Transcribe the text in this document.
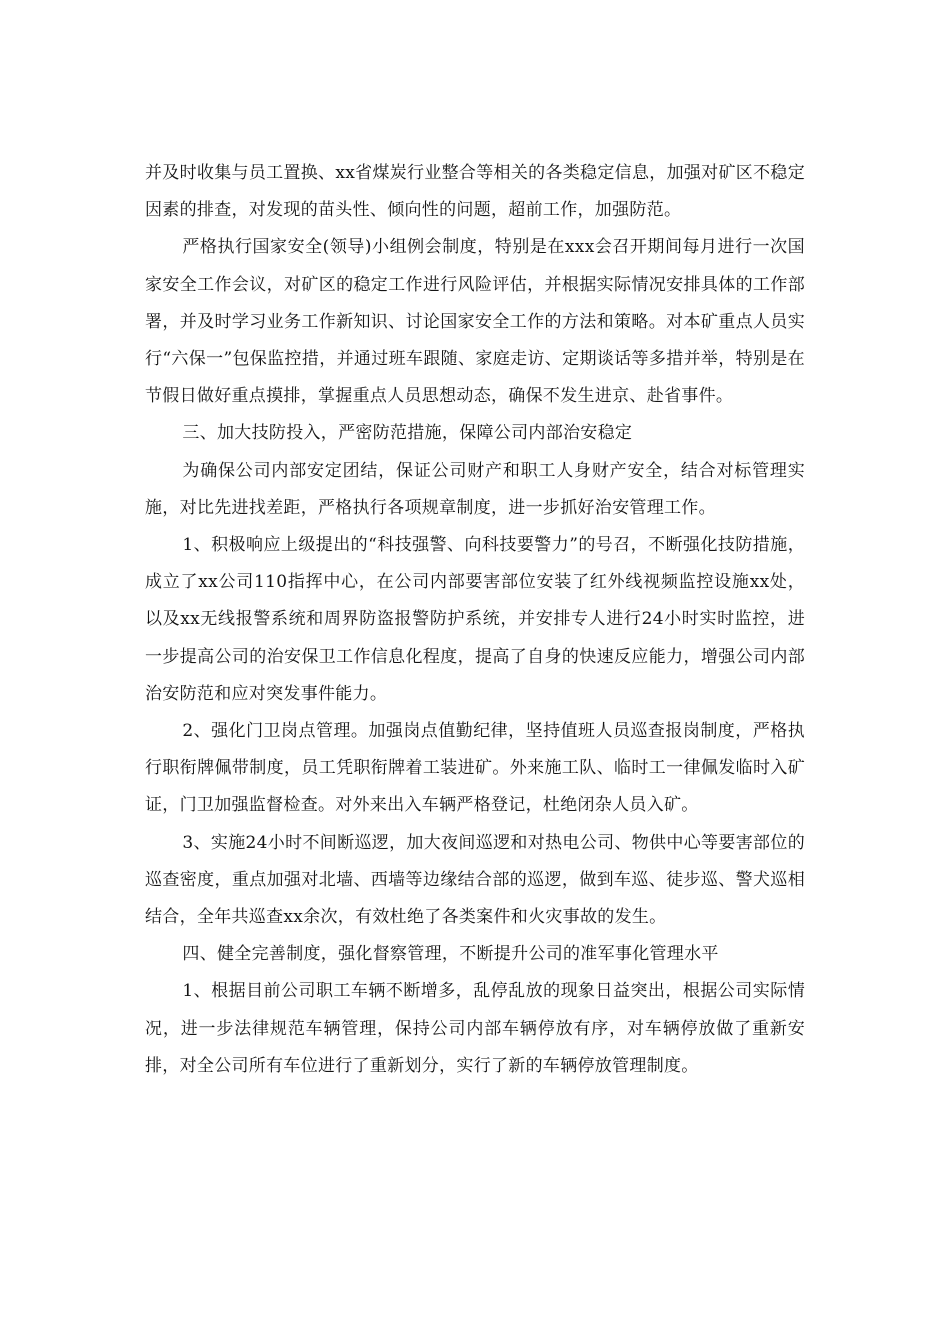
并及时收集与员工置换、xx省煤炭行业整合等相关的各类稳定信息，加强对矿区不稳定因素的排查，对发现的苗头性、倾向性的问题，超前工作，加强防范。

严格执行国家安全(领导)小组例会制度，特别是在xxx会召开期间每月进行一次国家安全工作会议，对矿区的稳定工作进行风险评估，并根据实际情况安排具体的工作部署，并及时学习业务工作新知识、讨论国家安全工作的方法和策略。对本矿重点人员实行“六保一”包保监控措，并通过班车跟随、家庭走访、定期谈话等多措并举，特别是在节假日做好重点摸排，掌握重点人员思想动态，确保不发生进京、赴省事件。

三、加大技防投入，严密防范措施，保障公司内部治安稳定

为确保公司内部安定团结，保证公司财产和职工人身财产安全，结合对标管理实施，对比先进找差距，严格执行各项规章制度，进一步抓好治安管理工作。

1、积极响应上级提出的“科技强警、向科技要警力”的号召，不断强化技防措施，成立了xx公司110指挥中心，在公司内部要害部位安装了红外线视频监控设施xx处，以及xx无线报警系统和周界防盗报警防护系统，并安排专人进行24小时实时监控，进一步提高公司的治安保卫工作信息化程度，提高了自身的快速反应能力，增强公司内部治安防范和应对突发事件能力。

2、强化门卫岗点管理。加强岗点值勤纪律，坚持值班人员巡查报岗制度，严格执行职衔牌佩带制度，员工凭职衔牌着工装进矿。外来施工队、临时工一律佩发临时入矿证，门卫加强监督检查。对外来出入车辆严格登记，杜绝闭杂人员入矿。

3、实施24小时不间断巡逻，加大夜间巡逻和对热电公司、物供中心等要害部位的巡查密度，重点加强对北墙、西墙等边缘结合部的巡逻，做到车巡、徒步巡、警犬巡相结合，全年共巡查xx余次，有效杜绝了各类案件和火灾事故的发生。

四、健全完善制度，强化督察管理，不断提升公司的准军事化管理水平

1、根据目前公司职工车辆不断增多，乱停乱放的现象日益突出，根据公司实际情况，进一步法律规范车辆管理，保持公司内部车辆停放有序，对车辆停放做了重新安排，对全公司所有车位进行了重新划分，实行了新的车辆停放管理制度。
